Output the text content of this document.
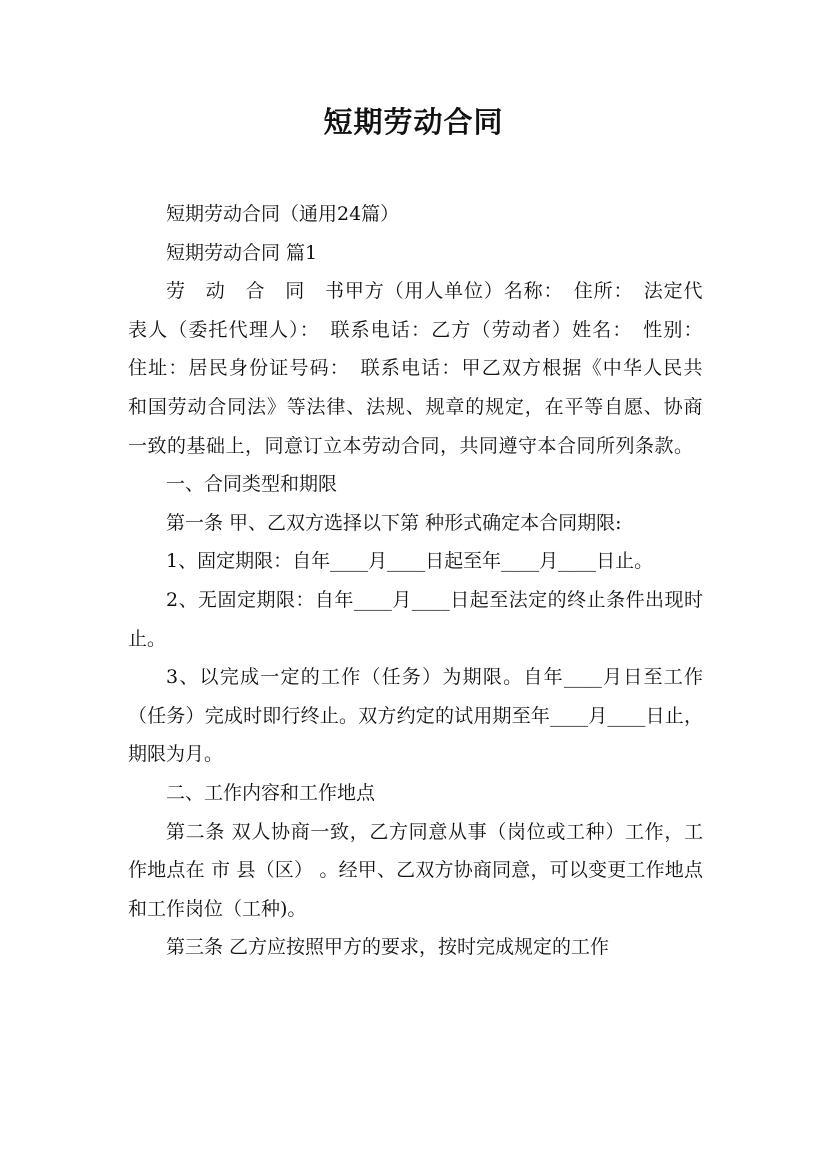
短期劳动合同

短期劳动合同（通用24篇）

短期劳动合同 篇1

劳　动　合　同　书甲方（用人单位）名称：　住所：　法定代表人（委托代理人）：　联系电话：乙方（劳动者）姓名：　性别：住址：居民身份证号码：　联系电话：甲乙双方根据《中华人民共和国劳动合同法》等法律、法规、规章的规定，在平等自愿、协商一致的基础上，同意订立本劳动合同，共同遵守本合同所列条款。

一、合同类型和期限

第一条 甲、乙双方选择以下第 种形式确定本合同期限:

1、固定期限：自年____月____日起至年____月____日止。

2、无固定期限：自年____月____日起至法定的终止条件出现时止。

3、以完成一定的工作（任务）为期限。自年____月日至工作（任务）完成时即行终止。双方约定的试用期至年____月____日止，期限为月。

二、工作内容和工作地点

第二条 双人协商一致，乙方同意从事（岗位或工种）工作，工作地点在 市 县（区） 。经甲、乙双方协商同意，可以变更工作地点和工作岗位（工种)。

第三条 乙方应按照甲方的要求，按时完成规定的工作
